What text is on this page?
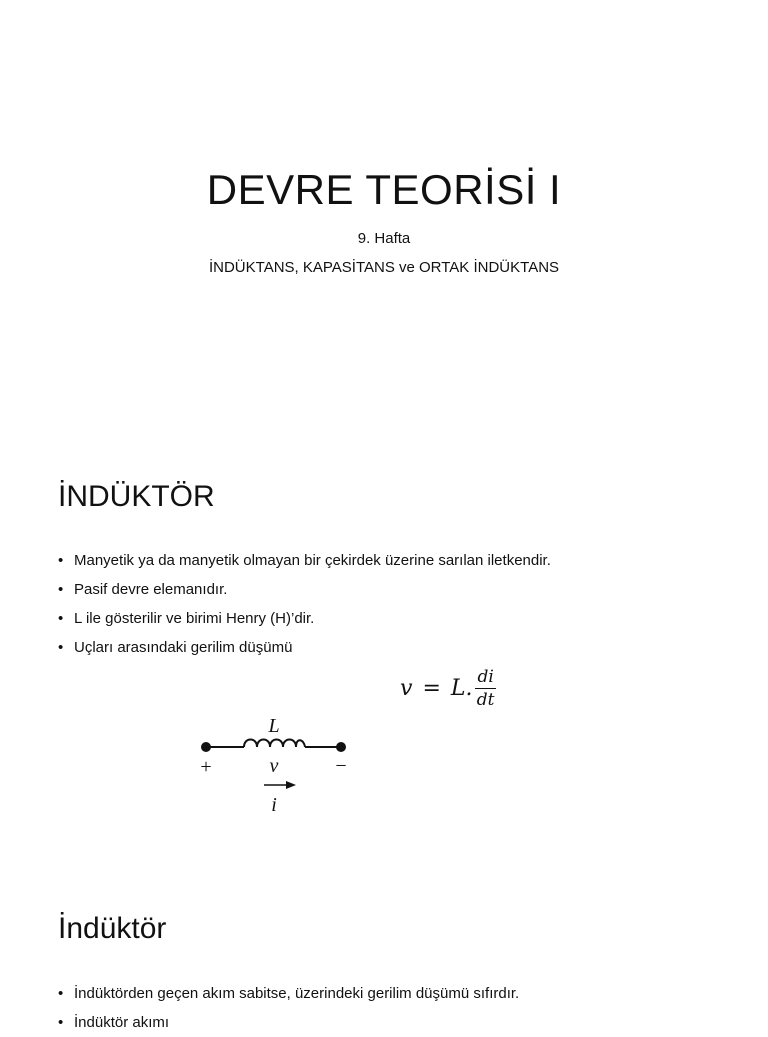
DEVRE TEORİSİ I

9. Hafta

İNDÜKTANS, KAPASİTANS ve ORTAK İNDÜKTANS

İNDÜKTÖR
• Manyetik ya da manyetik olmayan bir çekirdek üzerine sarılan iletkendir.
• Pasif devre elemanıdır.
• L ile gösterilir ve birimi Henry (H)’dir.
• Uçları arasındaki gerilim düşümü
v = L. $\frac{di}{dt}$
L
+	v	−
i
İndüktör
• İndüktörden geçen akım sabitse, üzerindeki gerilim düşümü sıfırdır.
• İndüktör akımı
